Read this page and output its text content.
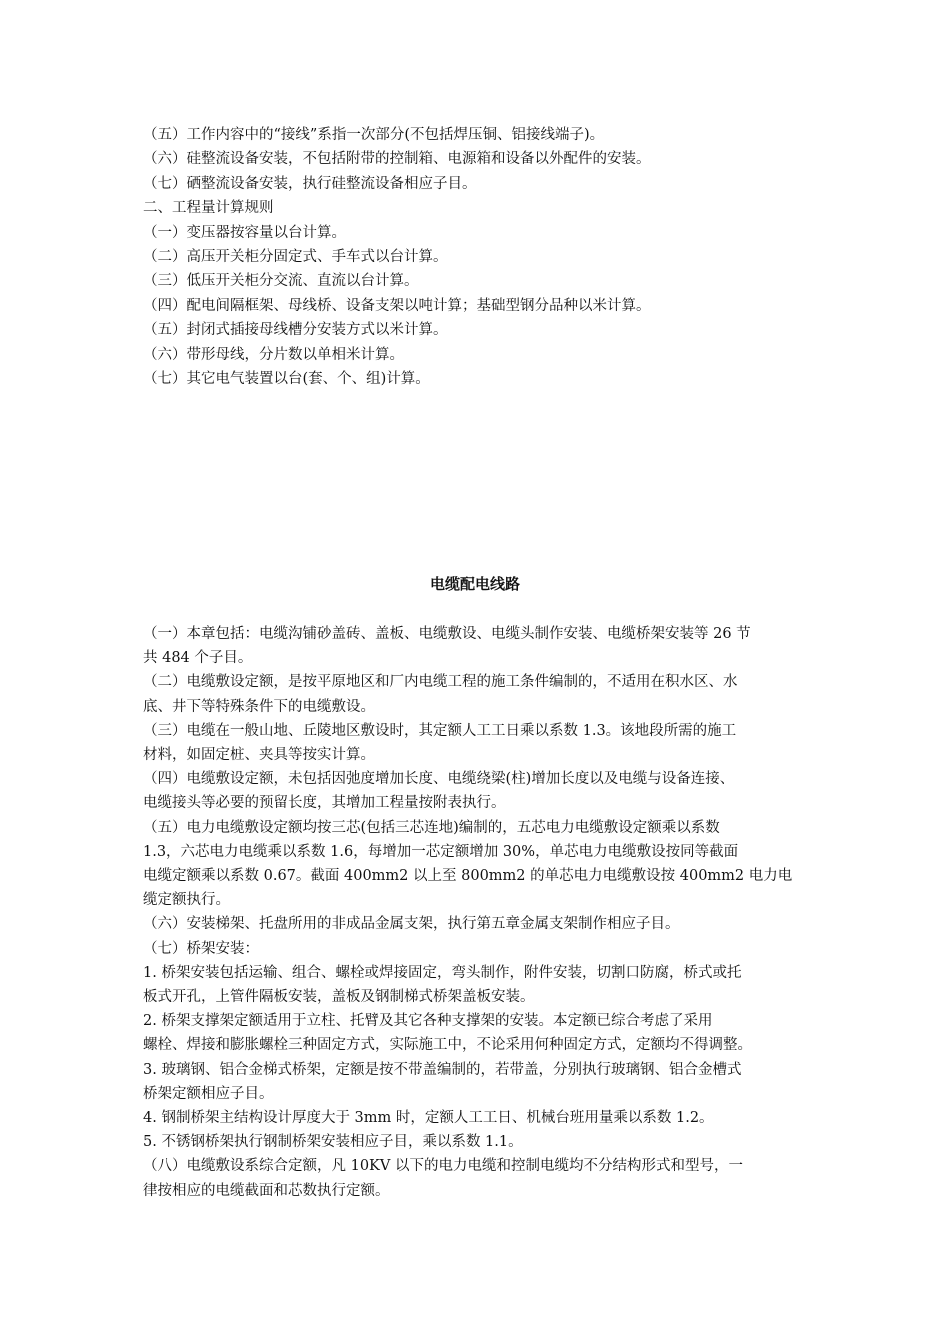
（五）工作内容中的“接线”系指一次部分(不包括焊压铜、铝接线端子)。
（六）硅整流设备安装，不包括附带的控制箱、电源箱和设备以外配件的安装。
（七）硒整流设备安装，执行硅整流设备相应子目。
二、工程量计算规则
（一）变压器按容量以台计算。
（二）高压开关柜分固定式、手车式以台计算。
（三）低压开关柜分交流、直流以台计算。
（四）配电间隔框架、母线桥、设备支架以吨计算；基础型钢分品种以米计算。
（五）封闭式插接母线槽分安装方式以米计算。
（六）带形母线，分片数以单相米计算。
（七）其它电气装置以台(套、个、组)计算。
电缆配电线路
（一）本章包括：电缆沟铺砂盖砖、盖板、电缆敷设、电缆头制作安装、电缆桥架安装等 26 节
共 484 个子目。
（二）电缆敷设定额，是按平原地区和厂内电缆工程的施工条件编制的，不适用在积水区、水
底、井下等特殊条件下的电缆敷设。
（三）电缆在一般山地、丘陵地区敷设时，其定额人工工日乘以系数 1.3。该地段所需的施工
材料，如固定桩、夹具等按实计算。
（四）电缆敷设定额，未包括因弛度增加长度、电缆绕梁(柱)增加长度以及电缆与设备连接、
电缆接头等必要的预留长度，其增加工程量按附表执行。
（五）电力电缆敷设定额均按三芯(包括三芯连地)编制的，五芯电力电缆敷设定额乘以系数
1.3，六芯电力电缆乘以系数 1.6，每增加一芯定额增加 30%，单芯电力电缆敷设按同等截面
电缆定额乘以系数 0.67。截面 400mm2 以上至 800mm2 的单芯电力电缆敷设按 400mm2 电力电
缆定额执行。
（六）安装梯架、托盘所用的非成品金属支架，执行第五章金属支架制作相应子目。
（七）桥架安装：
1. 桥架安装包括运输、组合、螺栓或焊接固定，弯头制作，附件安装，切割口防腐，桥式或托
板式开孔，上管件隔板安装，盖板及钢制梯式桥架盖板安装。
2. 桥架支撑架定额适用于立柱、托臂及其它各种支撑架的安装。本定额已综合考虑了采用
螺栓、焊接和膨胀螺栓三种固定方式，实际施工中，不论采用何种固定方式，定额均不得调整。
3. 玻璃钢、铝合金梯式桥架，定额是按不带盖编制的，若带盖，分别执行玻璃钢、铝合金槽式
桥架定额相应子目。
4. 钢制桥架主结构设计厚度大于 3mm 时，定额人工工日、机械台班用量乘以系数 1.2。
5. 不锈钢桥架执行钢制桥架安装相应子目，乘以系数 1.1。
（八）电缆敷设系综合定额，凡 10KV 以下的电力电缆和控制电缆均不分结构形式和型号，一
律按相应的电缆截面和芯数执行定额。
